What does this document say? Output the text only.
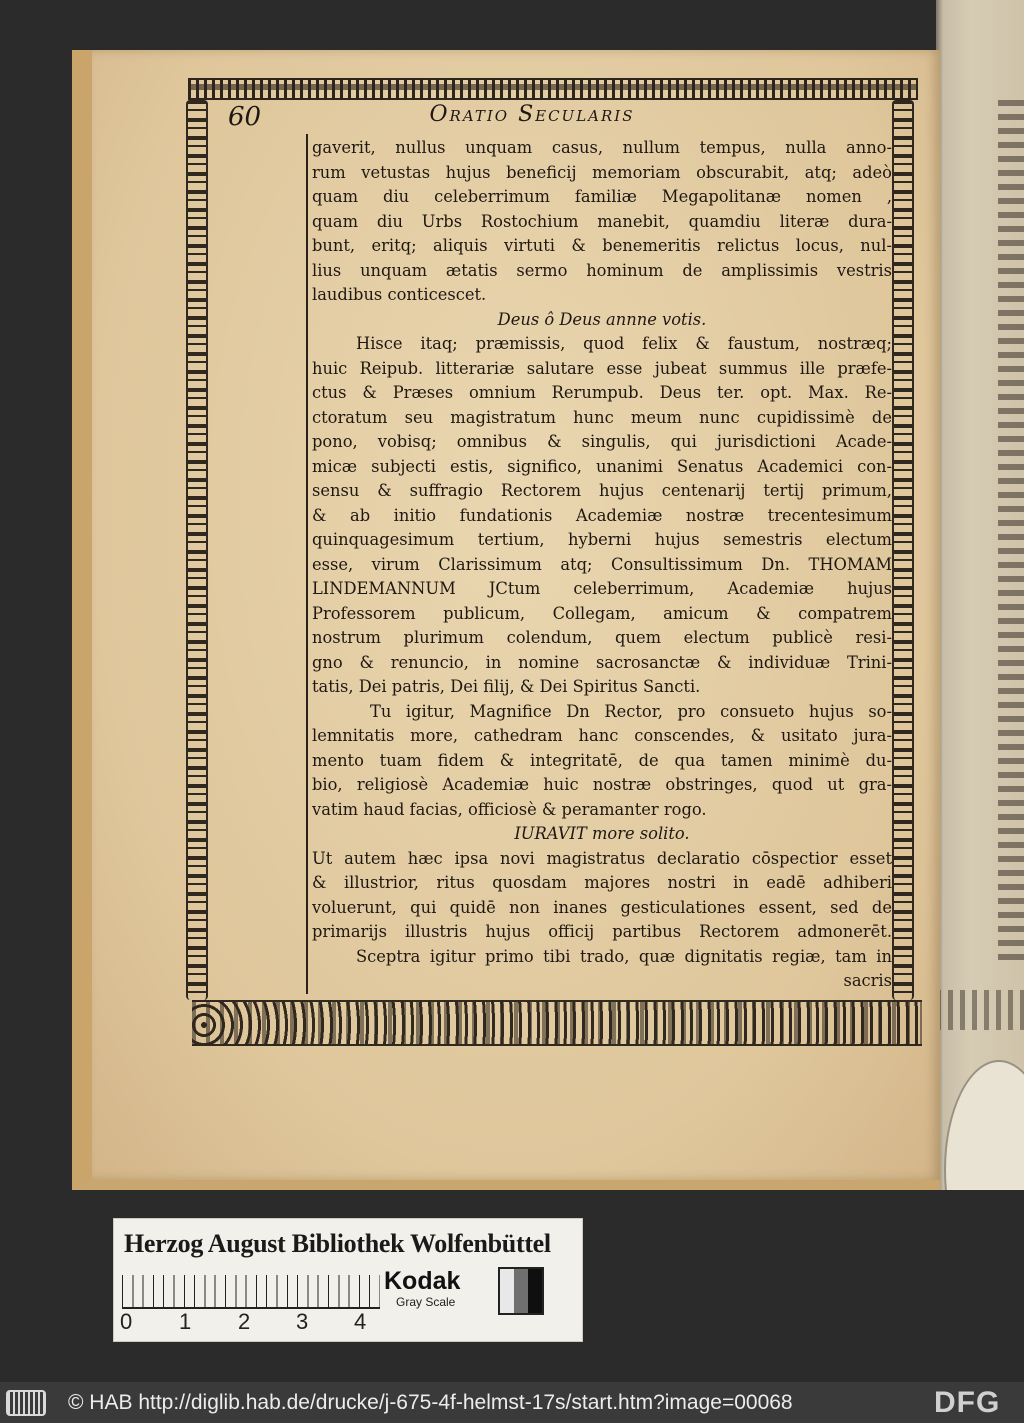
60	Oratio Secularis

gaverit, nullus unquam casus, nullum tempus, nulla anno-

rum vetustas hujus beneficij memoriam obscurabit, atq; adeò

quam diu celeberrimum familiæ Megapolitanæ nomen ,

quam diu Urbs Rostochium manebit, quamdiu literæ dura-

bunt, eritq; aliquis virtuti & benemeritis relictus locus, nul-

lius unquam ætatis sermo hominum de amplissimis vestris

laudibus conticescet.

Deus ô Deus annne votis.

Hisce itaq; præmissis, quod felix & faustum, nostræq;

huic Reipub. litterariæ salutare esse jubeat summus ille præfe-

ctus & Præses omnium Rerumpub. Deus ter. opt. Max. Re-

ctoratum seu magistratum hunc meum nunc cupidissimè de

pono, vobisq; omnibus & singulis, qui jurisdictioni Acade-

micæ subjecti estis, significo, unanimi Senatus Academici con-

sensu & suffragio Rectorem hujus centenarij tertij primum,

& ab initio fundationis Academiæ nostræ trecentesimum

quinquagesimum tertium, hyberni hujus semestris electum

esse, virum Clarissimum atq; Consultissimum Dn. THOMAM

LINDEMANNUM JCtum celeberrimum, Academiæ hujus

Professorem publicum, Collegam, amicum & compatrem

nostrum plurimum colendum, quem electum publicè resi-

gno & renuncio, in nomine sacrosanctæ & individuæ Trini-

tatis, Dei patris, Dei filij, & Dei Spiritus Sancti.

Tu igitur, Magnifice Dn Rector, pro consueto hujus so-

lemnitatis more, cathedram hanc conscendes, & usitato jura-

mento tuam fidem & integritatē, de qua tamen minimè du-

bio, religiosè Academiæ huic nostræ obstringes, quod ut gra-

vatim haud facias, officiosè & peramanter rogo.

IURAVIT more solito.

Ut autem hæc ipsa novi magistratus declaratio cōspectior esset

& illustrior, ritus quosdam majores nostri in eadē adhiberi

voluerunt, qui quidē non inanes gesticulationes essent, sed de

primarijs illustris hujus officij partibus Rectorem admonerēt.

Sceptra igitur primo tibi trado, quæ dignitatis regiæ, tam in

sacris

Herzog August Bibliothek Wolfenbüttel
0 1 2 3 4
Kodak
Gray Scale
© HAB http://diglib.hab.de/drucke/j-675-4f-helmst-17s/start.htm?image=00068	DFG
